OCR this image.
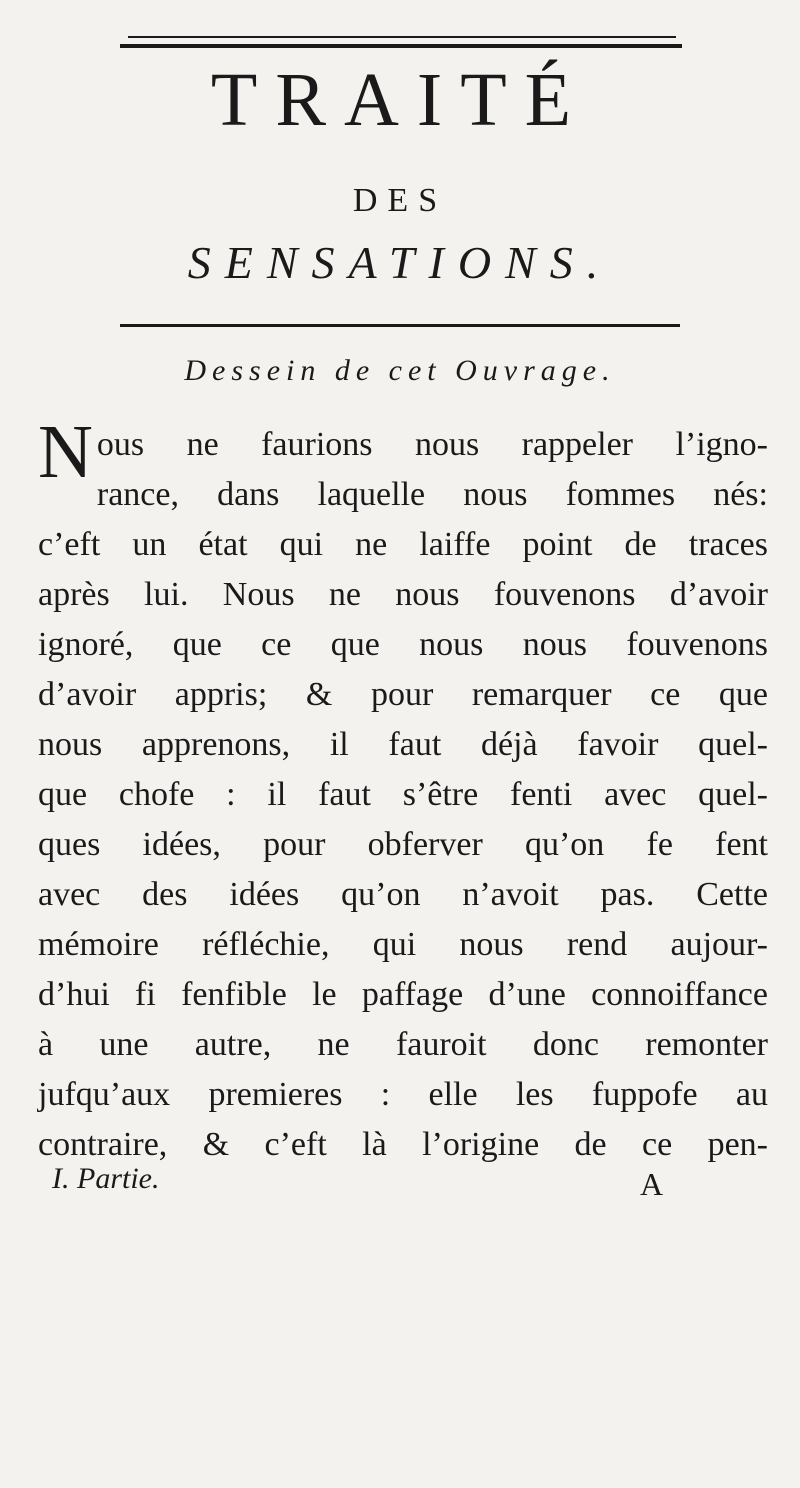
TRAITÉ
DES
SENSATIONS.
Dessein de cet Ouvrage.
N ous ne faurions nous rappeler l’igno-
rance, dans laquelle nous fommes nés:
c’eft un état qui ne laiffe point de traces
après lui. Nous ne nous fouvenons d’avoir
ignoré, que ce que nous nous fouvenons
d’avoir appris; & pour remarquer ce que
nous apprenons, il faut déjà favoir quel-
que chofe : il faut s’être fenti avec quel-
ques idées, pour obferver qu’on fe fent
avec des idées qu’on n’avoit pas. Cette
mémoire réfléchie, qui nous rend aujour-
d’hui fi fenfible le paffage d’une connoiffance
à une autre, ne fauroit donc remonter
jufqu’aux premieres : elle les fuppofe au
contraire, & c’eft là l’origine de ce pen-
I. Partie.	A
